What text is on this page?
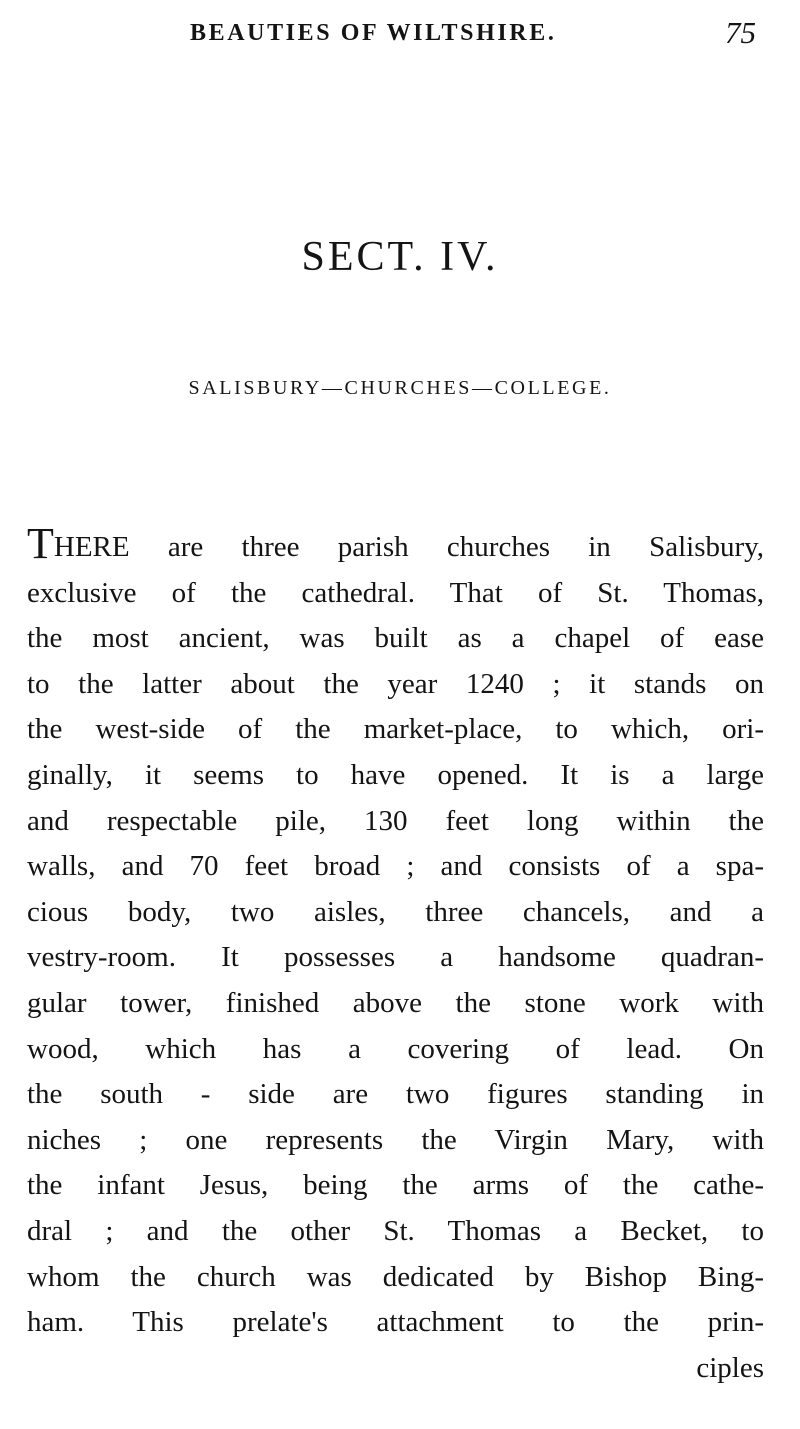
BEAUTIES OF WILTSHIRE.	75
SECT. IV.
SALISBURY—CHURCHES—COLLEGE.
THERE are three parish churches in Salisbury,
exclusive of the cathedral. That of St. Thomas,
the most ancient, was built as a chapel of ease
to the latter about the year 1240 ; it stands on
the west-side of the market-place, to which, ori-
ginally, it seems to have opened. It is a large
and respectable pile, 130 feet long within the
walls, and 70 feet broad ; and consists of a spa-
cious body, two aisles, three chancels, and a
vestry-room. It possesses a handsome quadran-
gular tower, finished above the stone work with
wood, which has a covering of lead. On
the south - side are two figures standing in
niches ; one represents the Virgin Mary, with
the infant Jesus, being the arms of the cathe-
dral ; and the other St. Thomas a Becket, to
whom the church was dedicated by Bishop Bing-
ham. This prelate's attachment to the prin-
ciples
